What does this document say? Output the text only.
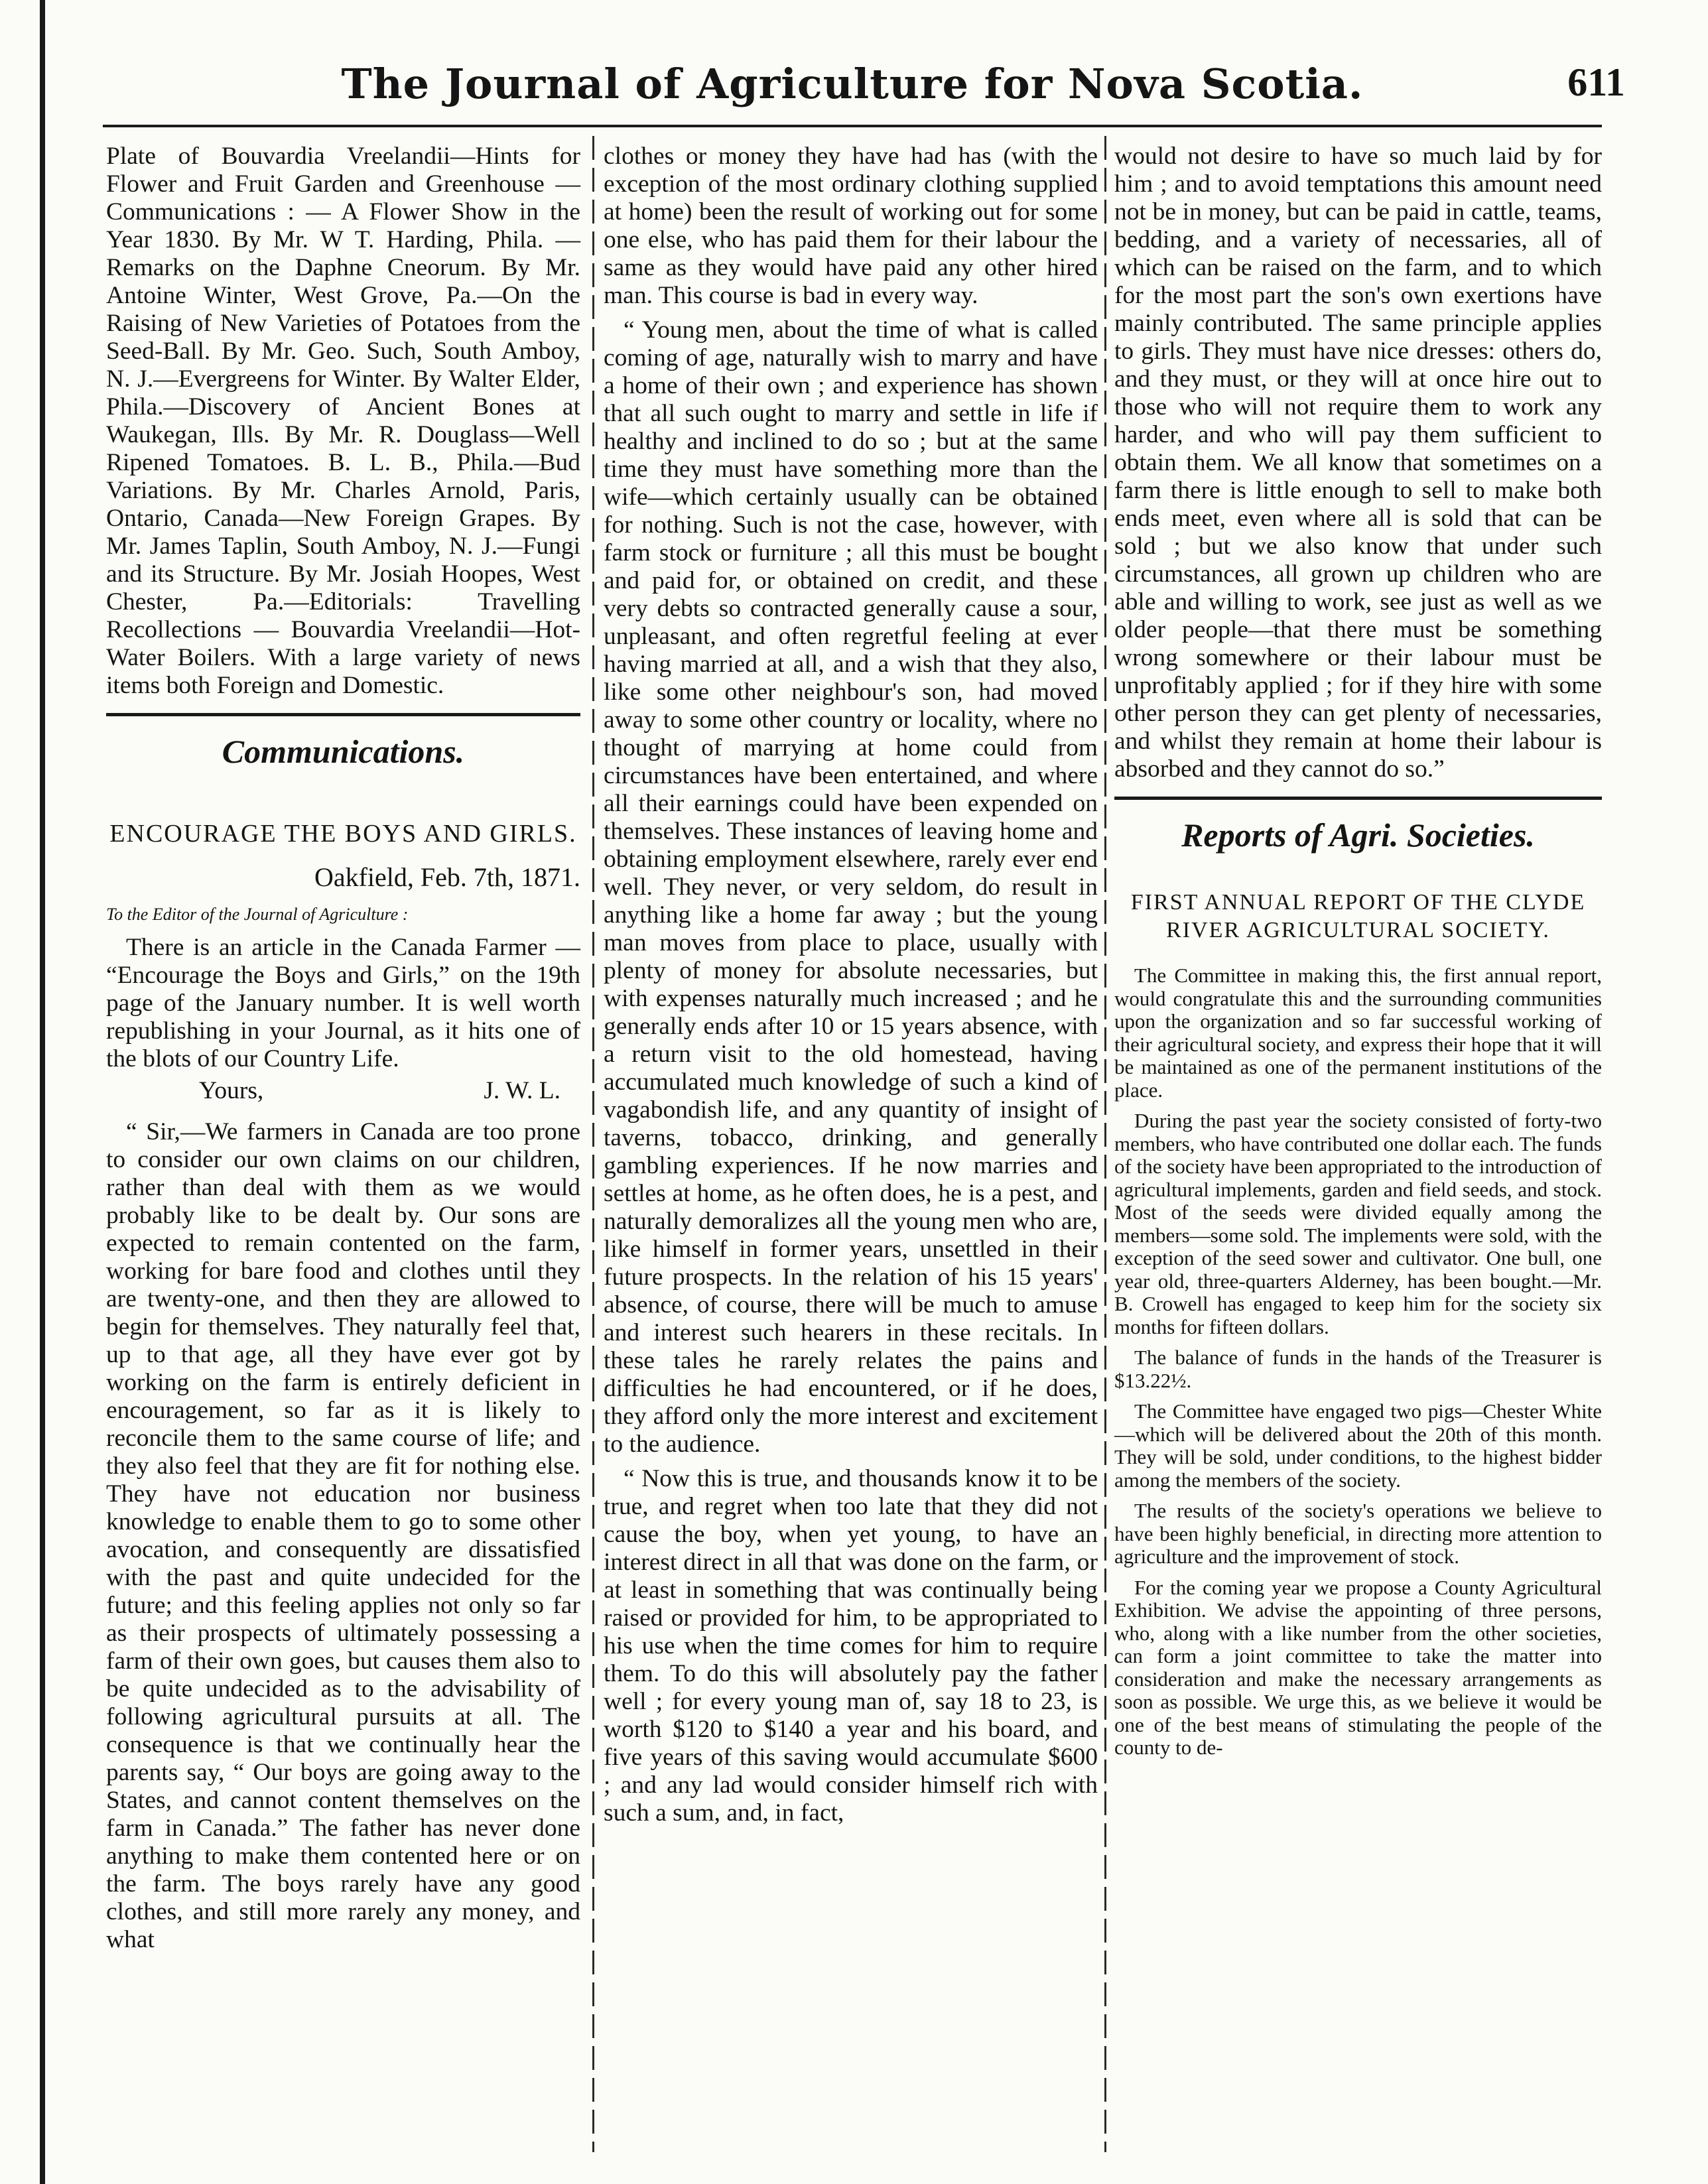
The Journal of Agriculture for Nova Scotia.	611

Plate of Bouvardia Vreelandii—Hints for Flower and Fruit Garden and Greenhouse — Communications : — A Flower Show in the Year 1830. By Mr. W T. Harding, Phila. — Remarks on the Daphne Cneorum. By Mr. Antoine Winter, West Grove, Pa.—On the Raising of New Varieties of Potatoes from the Seed-Ball. By Mr. Geo. Such, South Amboy, N. J.—Evergreens for Winter. By Walter Elder, Phila.—Discovery of Ancient Bones at Waukegan, Ills. By Mr. R. Douglass—Well Ripened Tomatoes. B. L. B., Phila.—Bud Variations. By Mr. Charles Arnold, Paris, Ontario, Canada—New Foreign Grapes. By Mr. James Taplin, South Amboy, N. J.—Fungi and its Structure. By Mr. Josiah Hoopes, West Chester, Pa.—Editorials: Travelling Recollections — Bouvardia Vreelandii—Hot-Water Boilers. With a large variety of news items both Foreign and Domestic.

Communications.
ENCOURAGE THE BOYS AND GIRLS.
Oakfield, Feb. 7th, 1871.
To the Editor of the Journal of Agriculture :

There is an article in the Canada Farmer — “Encourage the Boys and Girls,” on the 19th page of the January number. It is well worth republishing in your Journal, as it hits one of the blots of our Country Life.

Yours,	J. W. L.

“ Sir,—We farmers in Canada are too prone to consider our own claims on our children, rather than deal with them as we would probably like to be dealt by. Our sons are expected to remain contented on the farm, working for bare food and clothes until they are twenty-one, and then they are allowed to begin for themselves. They naturally feel that, up to that age, all they have ever got by working on the farm is entirely deficient in encouragement, so far as it is likely to reconcile them to the same course of life; and they also feel that they are fit for nothing else. They have not education nor business knowledge to enable them to go to some other avocation, and consequently are dissatisfied with the past and quite undecided for the future; and this feeling applies not only so far as their prospects of ultimately possessing a farm of their own goes, but causes them also to be quite undecided as to the advisability of following agricultural pursuits at all. The consequence is that we continually hear the parents say, “ Our boys are going away to the States, and cannot content themselves on the farm in Canada.” The father has never done anything to make them contented here or on the farm. The boys rarely have any good clothes, and still more rarely any money, and what

clothes or money they have had has (with the exception of the most ordinary clothing supplied at home) been the result of working out for some one else, who has paid them for their labour the same as they would have paid any other hired man. This course is bad in every way.

“ Young men, about the time of what is called coming of age, naturally wish to marry and have a home of their own ; and experience has shown that all such ought to marry and settle in life if healthy and inclined to do so ; but at the same time they must have something more than the wife—which certainly usually can be obtained for nothing. Such is not the case, however, with farm stock or furniture ; all this must be bought and paid for, or obtained on credit, and these very debts so contracted generally cause a sour, unpleasant, and often regretful feeling at ever having married at all, and a wish that they also, like some other neighbour's son, had moved away to some other country or locality, where no thought of marrying at home could from circumstances have been entertained, and where all their earnings could have been expended on themselves. These instances of leaving home and obtaining employment elsewhere, rarely ever end well. They never, or very seldom, do result in anything like a home far away ; but the young man moves from place to place, usually with plenty of money for absolute necessaries, but with expenses naturally much increased ; and he generally ends after 10 or 15 years absence, with a return visit to the old homestead, having accumulated much knowledge of such a kind of vagabondish life, and any quantity of insight of taverns, tobacco, drinking, and generally gambling experiences. If he now marries and settles at home, as he often does, he is a pest, and naturally demoralizes all the young men who are, like himself in former years, unsettled in their future prospects. In the relation of his 15 years' absence, of course, there will be much to amuse and interest such hearers in these recitals. In these tales he rarely relates the pains and difficulties he had encountered, or if he does, they afford only the more interest and excitement to the audience.

“ Now this is true, and thousands know it to be true, and regret when too late that they did not cause the boy, when yet young, to have an interest direct in all that was done on the farm, or at least in something that was continually being raised or provided for him, to be appropriated to his use when the time comes for him to require them. To do this will absolutely pay the father well ; for every young man of, say 18 to 23, is worth $120 to $140 a year and his board, and five years of this saving would accumulate $600 ; and any lad would consider himself rich with such a sum, and, in fact,

would not desire to have so much laid by for him ; and to avoid temptations this amount need not be in money, but can be paid in cattle, teams, bedding, and a variety of necessaries, all of which can be raised on the farm, and to which for the most part the son's own exertions have mainly contributed. The same principle applies to girls. They must have nice dresses: others do, and they must, or they will at once hire out to those who will not require them to work any harder, and who will pay them sufficient to obtain them. We all know that sometimes on a farm there is little enough to sell to make both ends meet, even where all is sold that can be sold ; but we also know that under such circumstances, all grown up children who are able and willing to work, see just as well as we older people—that there must be something wrong somewhere or their labour must be unprofitably applied ; for if they hire with some other person they can get plenty of necessaries, and whilst they remain at home their labour is absorbed and they cannot do so.”

Reports of Agri. Societies.
FIRST ANNUAL REPORT OF THE CLYDE RIVER AGRICULTURAL SOCIETY.

The Committee in making this, the first annual report, would congratulate this and the surrounding communities upon the organization and so far successful working of their agricultural society, and express their hope that it will be maintained as one of the permanent institutions of the place.

During the past year the society consisted of forty-two members, who have contributed one dollar each. The funds of the society have been appropriated to the introduction of agricultural implements, garden and field seeds, and stock. Most of the seeds were divided equally among the members—some sold. The implements were sold, with the exception of the seed sower and cultivator. One bull, one year old, three-quarters Alderney, has been bought.—Mr. B. Crowell has engaged to keep him for the society six months for fifteen dollars.

The balance of funds in the hands of the Treasurer is $13.22½.

The Committee have engaged two pigs—Chester White—which will be delivered about the 20th of this month. They will be sold, under conditions, to the highest bidder among the members of the society.

The results of the society's operations we believe to have been highly beneficial, in directing more attention to agriculture and the improvement of stock.

For the coming year we propose a County Agricultural Exhibition. We advise the appointing of three persons, who, along with a like number from the other societies, can form a joint committee to take the matter into consideration and make the necessary arrangements as soon as possible. We urge this, as we believe it would be one of the best means of stimulating the people of the county to de-
